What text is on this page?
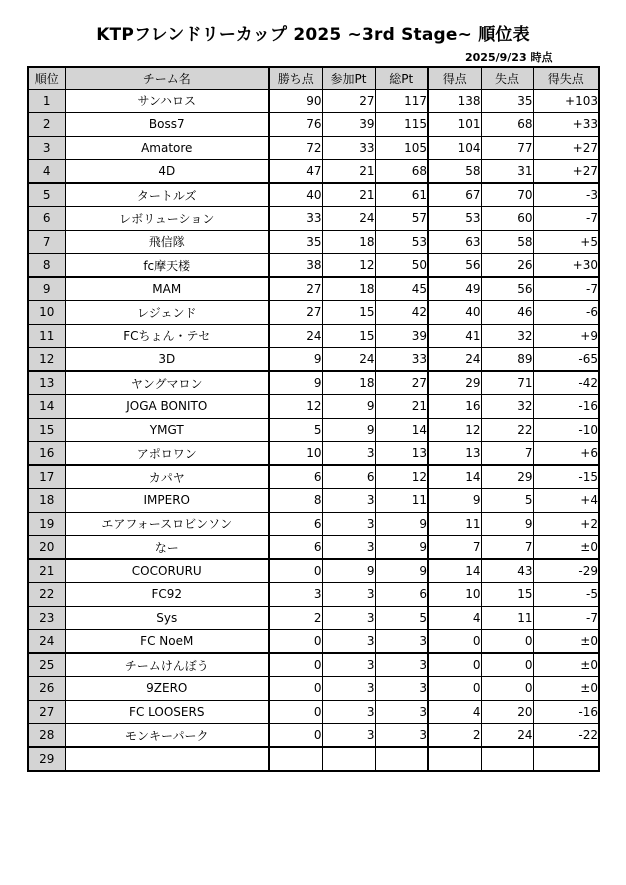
KTPフレンドリーカップ 2025 ~3rd Stage~ 順位表
2025/9/23 時点
順位	チーム名	勝ち点	参加Pt	総Pt	得点	失点	得失点
1	サンハロス	90	27	117	138	35	+103
2	Boss7	76	39	115	101	68	+33
3	Amatore	72	33	105	104	77	+27
4	4D	47	21	68	58	31	+27
5	タートルズ	40	21	61	67	70	-3
6	レボリューション	33	24	57	53	60	-7
7	飛信隊	35	18	53	63	58	+5
8	fc摩天楼	38	12	50	56	26	+30
9	MAM	27	18	45	49	56	-7
10	レジェンド	27	15	42	40	46	-6
11	FCちょん・テセ	24	15	39	41	32	+9
12	3D	9	24	33	24	89	-65
13	ヤングマロン	9	18	27	29	71	-42
14	JOGA BONITO	12	9	21	16	32	-16
15	YMGT	5	9	14	12	22	-10
16	アポロワン	10	3	13	13	7	+6
17	カパヤ	6	6	12	14	29	-15
18	IMPERO	8	3	11	9	5	+4
19	エアフォースロビンソン	6	3	9	11	9	+2
20	なー	6	3	9	7	7	±0
21	COCORURU	0	9	9	14	43	-29
22	FC92	3	3	6	10	15	-5
23	Sys	2	3	5	4	11	-7
24	FC NoeM	0	3	3	0	0	±0
25	チームけんぼう	0	3	3	0	0	±0
26	9ZERO	0	3	3	0	0	±0
27	FC LOOSERS	0	3	3	4	20	-16
28	モンキーパーク	0	3	3	2	24	-22
29							
